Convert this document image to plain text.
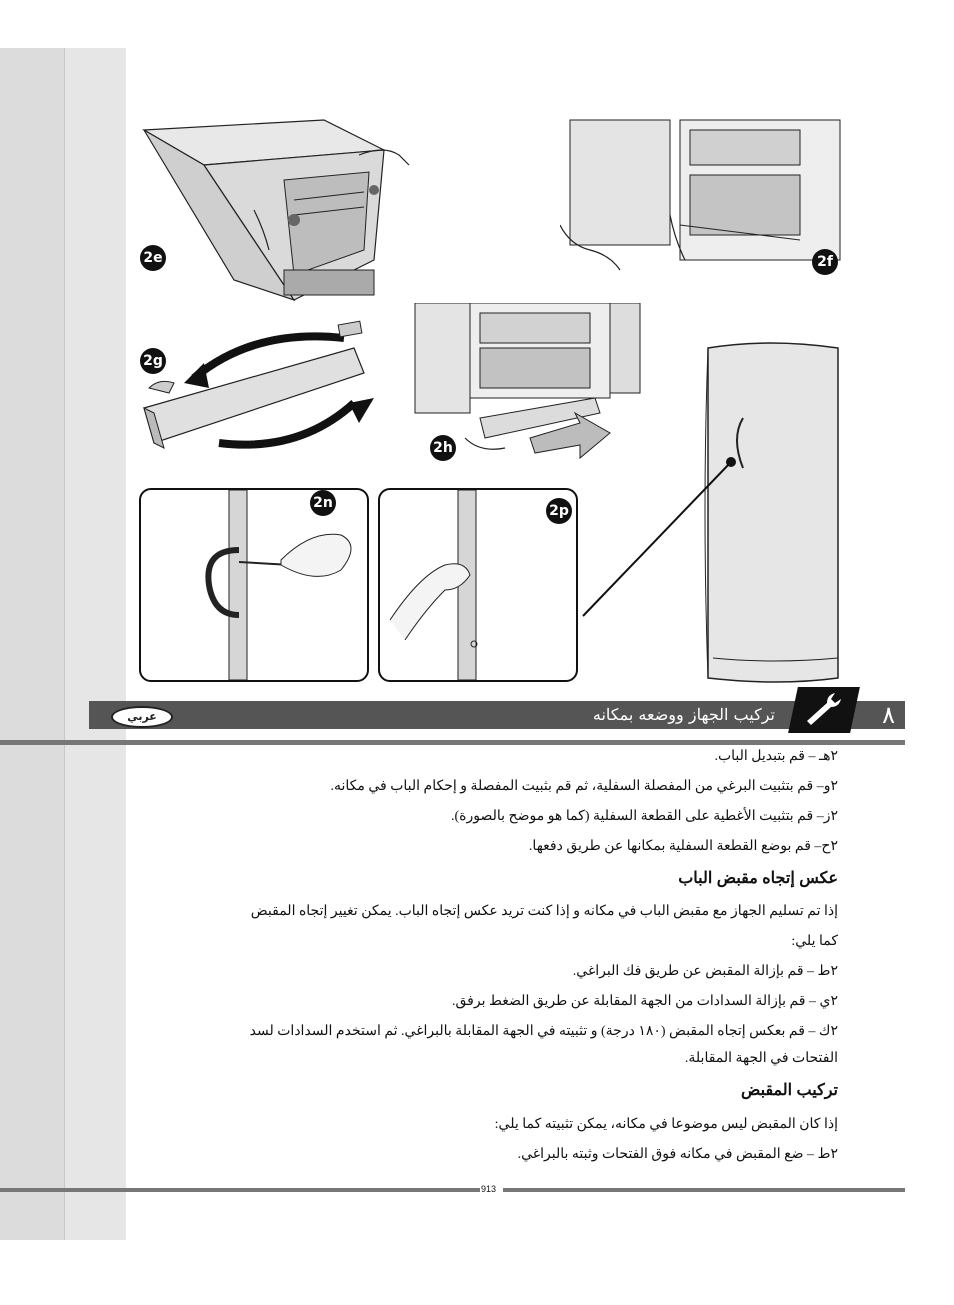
2e	2f
2g
2h
2n	2p
عربي	تركيب الجهاز ووضعه بمكانه	٨
٢هـ – قم بتبديل الباب.
٢و– قم بتثبيت البرغي من المفصلة السفلية، ثم قم بثبيت المفصلة و إحكام الباب في مكانه.
٢ز– قم بتثبيت الأغطية على القطعة السفلية (كما هو موضح بالصورة).
٢ح– قم بوضع القطعة السفلية بمكانها عن طريق دفعها.
عكس إتجاه مقبض الباب
إذا تم تسليم الجهاز مع مقبض الباب في مكانه و إذا كنت تريد عكس إتجاه الباب. يمكن تغيير إتجاه المقبض
كما يلي:
٢ط – قم بإزالة المقبض عن طريق فك البراغي.
٢ي – قم بإزالة السدادات من الجهة المقابلة عن طريق الضغط برفق.
٢ك – قم بعكس إتجاه المقبض (١٨٠ درجة) و تثبيته في الجهة المقابلة بالبراغي. ثم استخدم السدادات لسد
الفتحات في الجهة المقابلة.
تركيب المقبض
إذا كان المقبض ليس موضوعا في مكانه، يمكن تثبيته كما يلي:
٢ط – ضع المقبض في مكانه فوق الفتحات وثبته بالبراغي.
913
